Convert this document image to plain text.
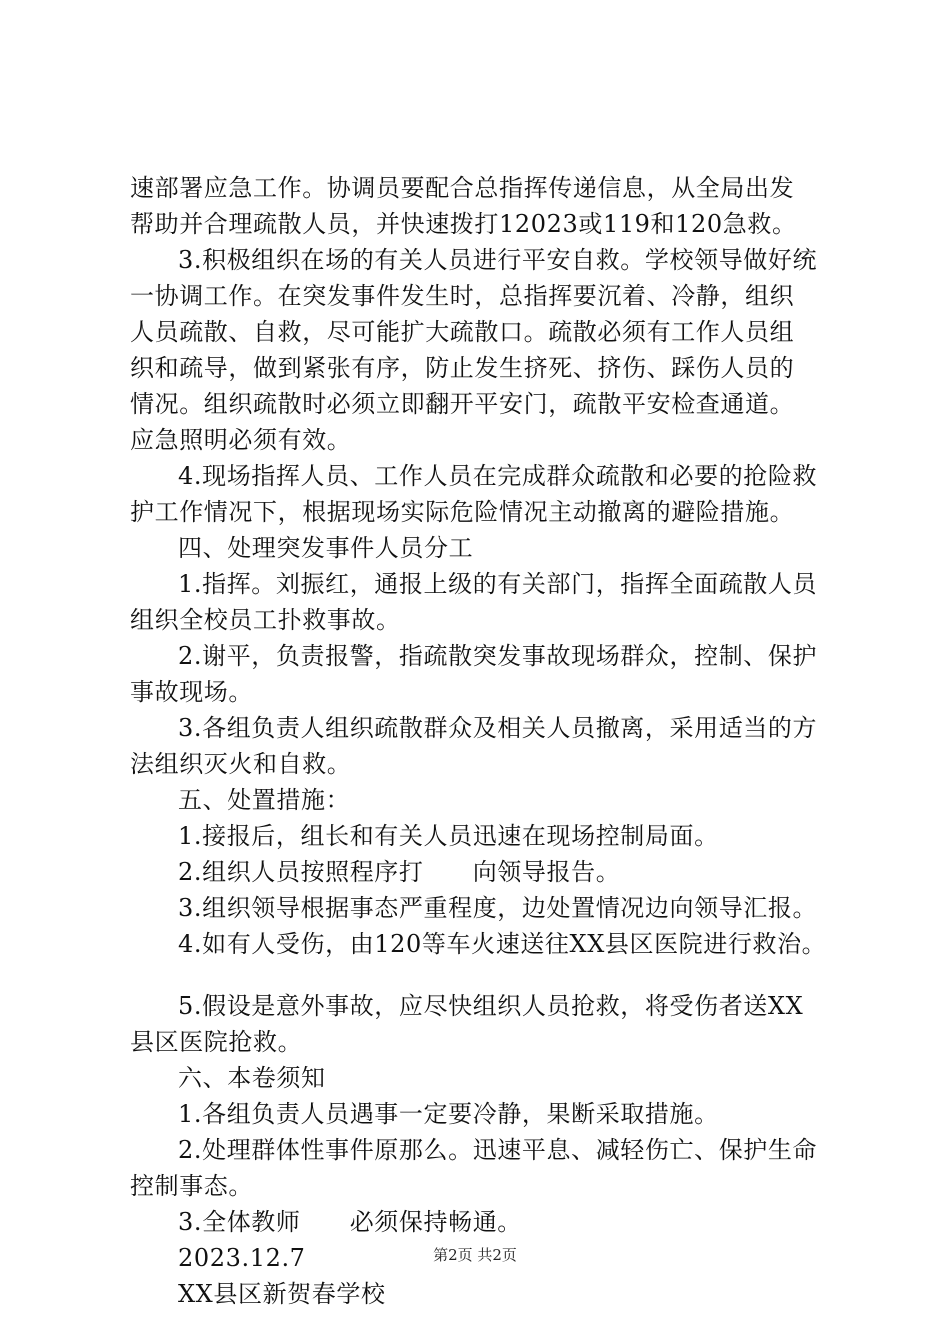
速部署应急工作。协调员要配合总指挥传递信息，从全局出发
帮助并合理疏散人员，并快速拨打12023或119和120急救。
3.积极组织在场的有关人员进行平安自救。学校领导做好统
一协调工作。在突发事件发生时，总指挥要沉着、冷静，组织
人员疏散、自救，尽可能扩大疏散口。疏散必须有工作人员组
织和疏导，做到紧张有序，防止发生挤死、挤伤、踩伤人员的
情况。组织疏散时必须立即翻开平安门，疏散平安检查通道。
应急照明必须有效。
4.现场指挥人员、工作人员在完成群众疏散和必要的抢险救
护工作情况下，根据现场实际危险情况主动撤离的避险措施。
四、处理突发事件人员分工
1.指挥。刘振红，通报上级的有关部门，指挥全面疏散人员
组织全校员工扑救事故。
2.谢平，负责报警，指疏散突发事故现场群众，控制、保护
事故现场。
3.各组负责人组织疏散群众及相关人员撤离，采用适当的方
法组织灭火和自救。
五、处置措施：
1.接报后，组长和有关人员迅速在现场控制局面。
2.组织人员按照程序打　　向领导报告。
3.组织领导根据事态严重程度，边处置情况边向领导汇报。
4.如有人受伤，由120等车火速送往XX县区医院进行救治。
5.假设是意外事故，应尽快组织人员抢救，将受伤者送XX
县区医院抢救。
六、本卷须知
1.各组负责人员遇事一定要冷静，果断采取措施。
2.处理群体性事件原那么。迅速平息、减轻伤亡、保护生命
控制事态。
3.全体教师　　必须保持畅通。
2023.12.7
XX县区新贺春学校
第2页 共2页
